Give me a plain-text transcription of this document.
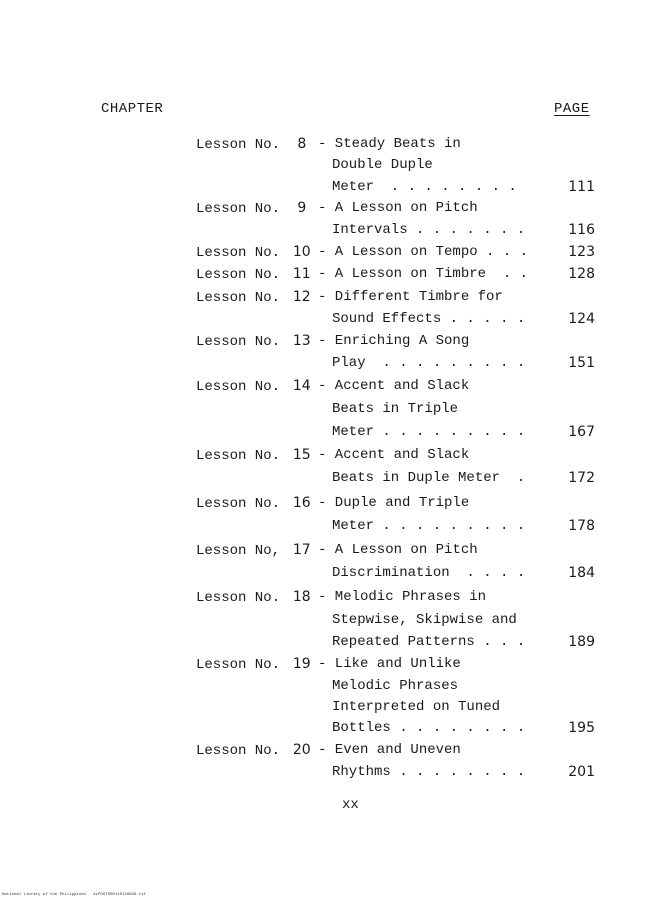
CHAPTER	PAGE
Lesson No.   8 - Steady Beats in
Double Duple
Meter  . . . . . . . .	111
Lesson No.   9 - A Lesson on Pitch
Intervals . . . . . . .	116
Lesson No.  10 - A Lesson on Tempo . . .	123
Lesson No.  11 - A Lesson on Timbre  . .	128
Lesson No.  12 - Different Timbre for
Sound Effects . . . . .	124
Lesson No.  13 - Enriching A Song
Play  . . . . . . . . .	151
Lesson No.  14 - Accent and Slack
Beats in Triple
Meter . . . . . . . . .	167
Lesson No.  15 - Accent and Slack
Beats in Duple Meter  .	172
Lesson No.  16 - Duple and Triple
Meter . . . . . . . . .	178
Lesson No,  17 - A Lesson on Pitch
Discrimination  . . . .	184
Lesson No.  18 - Melodic Phrases in
Stepwise, Skipwise and
Repeated Patterns . . .	189
Lesson No.  19 - Like and Unlike
Melodic Phrases
Interpreted on Tuned
Bottles . . . . . . . .	195
Lesson No.  20 - Even and Uneven
Rhythms . . . . . . . .	201
xx
National Library of the Philippines   ALPOST0S0110I40828.tif
